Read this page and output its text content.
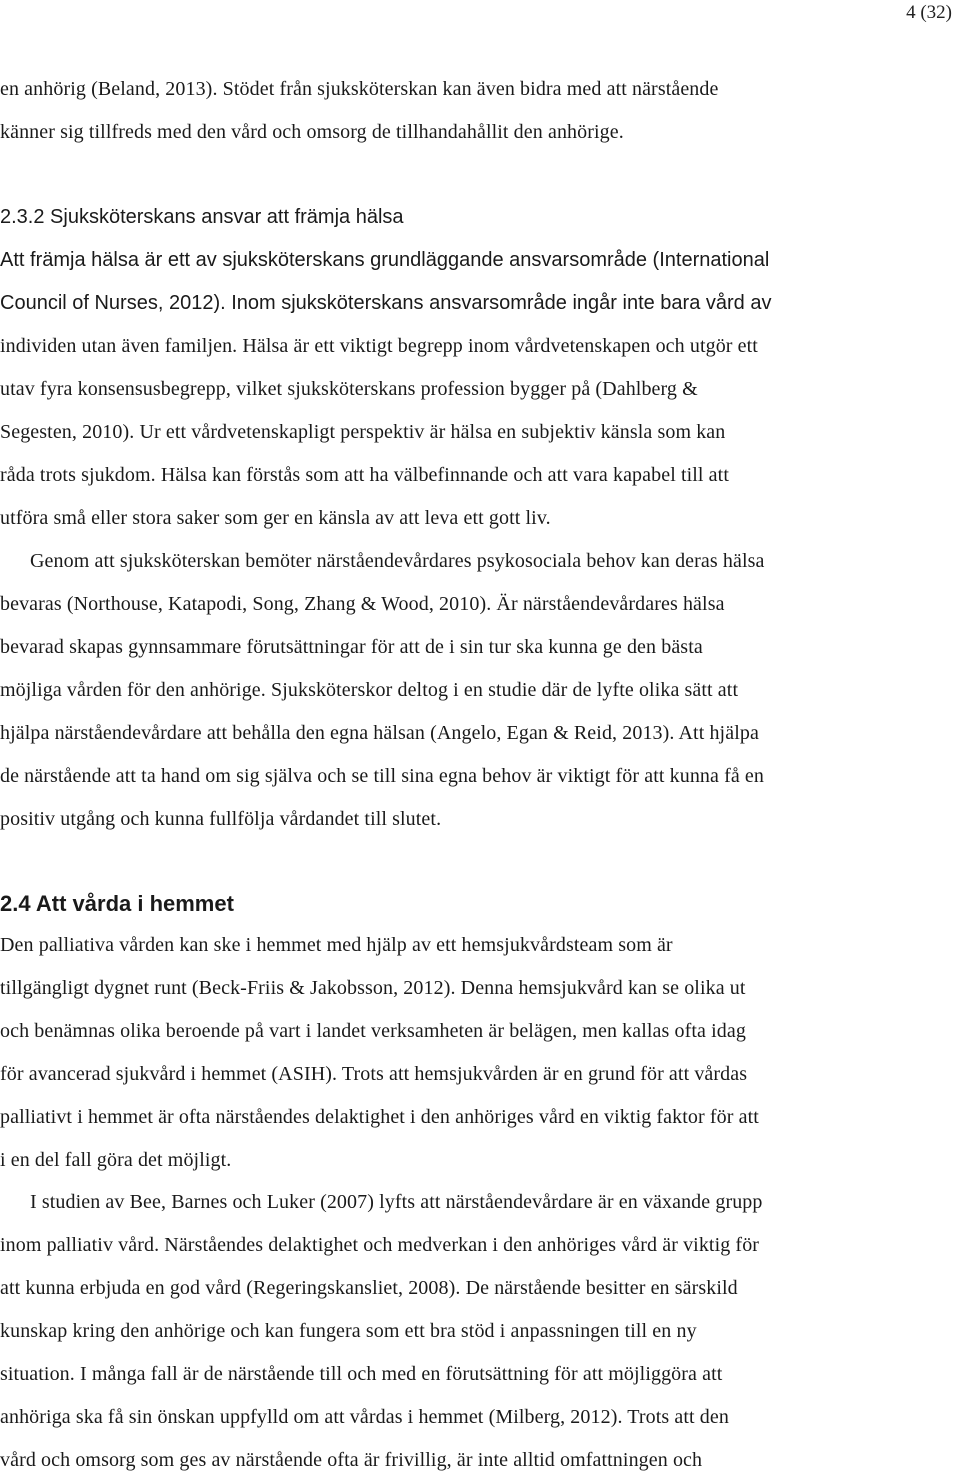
4 (32)
en anhörig (Beland, 2013). Stödet från sjuksköterskan kan även bidra med att närstående
känner sig tillfreds med den vård och omsorg de tillhandahållit den anhörige.
2.3.2 Sjuksköterskans ansvar att främja hälsa
Att främja hälsa är ett av sjuksköterskans grundläggande ansvarsområde (International
Council of Nurses, 2012). Inom sjuksköterskans ansvarsområde ingår inte bara vård av
individen utan även familjen. Hälsa är ett viktigt begrepp inom vårdvetenskapen och utgör ett
utav fyra konsensusbegrepp, vilket sjuksköterskans profession bygger på (Dahlberg &
Segesten, 2010). Ur ett vårdvetenskapligt perspektiv är hälsa en subjektiv känsla som kan
råda trots sjukdom. Hälsa kan förstås som att ha välbefinnande och att vara kapabel till att
utföra små eller stora saker som ger en känsla av att leva ett gott liv.
Genom att sjuksköterskan bemöter närståendevårdares psykosociala behov kan deras hälsa
bevaras (Northouse, Katapodi, Song, Zhang & Wood, 2010). Är närståendevårdares hälsa
bevarad skapas gynnsammare förutsättningar för att de i sin tur ska kunna ge den bästa
möjliga vården för den anhörige. Sjuksköterskor deltog i en studie där de lyfte olika sätt att
hjälpa närståendevårdare att behålla den egna hälsan (Angelo, Egan & Reid, 2013). Att hjälpa
de närstående att ta hand om sig själva och se till sina egna behov är viktigt för att kunna få en
positiv utgång och kunna fullfölja vårdandet till slutet.
2.4 Att vårda i hemmet
Den palliativa vården kan ske i hemmet med hjälp av ett hemsjukvårdsteam som är
tillgängligt dygnet runt (Beck-Friis & Jakobsson, 2012). Denna hemsjukvård kan se olika ut
och benämnas olika beroende på vart i landet verksamheten är belägen, men kallas ofta idag
för avancerad sjukvård i hemmet (ASIH). Trots att hemsjukvården är en grund för att vårdas
palliativt i hemmet är ofta närståendes delaktighet i den anhöriges vård en viktig faktor för att
i en del fall göra det möjligt.
I studien av Bee, Barnes och Luker (2007) lyfts att närståendevårdare är en växande grupp
inom palliativ vård. Närståendes delaktighet och medverkan i den anhöriges vård är viktig för
att kunna erbjuda en god vård (Regeringskansliet, 2008). De närstående besitter en särskild
kunskap kring den anhörige och kan fungera som ett bra stöd i anpassningen till en ny
situation. I många fall är de närstående till och med en förutsättning för att möjliggöra att
anhöriga ska få sin önskan uppfylld om att vårdas i hemmet (Milberg, 2012). Trots att den
vård och omsorg som ges av närstående ofta är frivillig, är inte alltid omfattningen och
